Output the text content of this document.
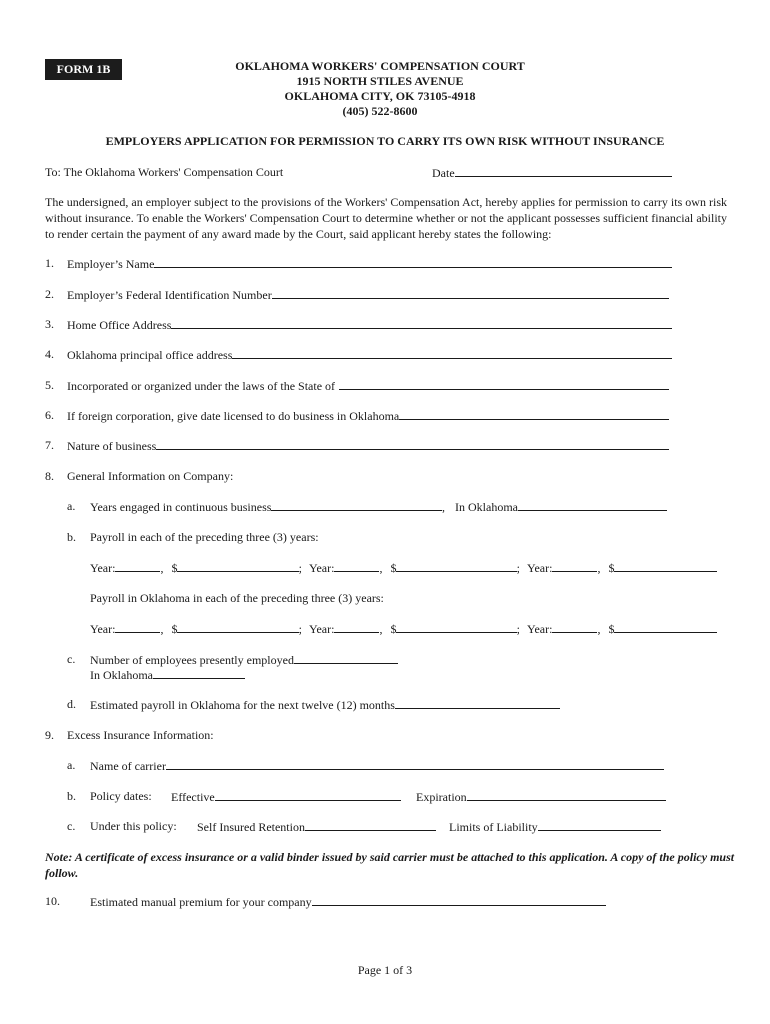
FORM 1B	OKLAHOMA WORKERS' COMPENSATION COURT
1915 NORTH STILES AVENUE
OKLAHOMA CITY, OK 73105-4918
(405) 522-8600
EMPLOYERS APPLICATION FOR PERMISSION TO CARRY ITS OWN RISK WITHOUT INSURANCE
To: The Oklahoma Workers' Compensation Court	Date
The undersigned, an employer subject to the provisions of the Workers' Compensation Act, hereby applies for permission to carry its own risk without insurance. To enable the Workers' Compensation Court to determine whether or not the applicant possesses sufficient financial ability to render certain the payment of any award made by the Court, said applicant hereby states the following:
1. Employer’s Name
2. Employer’s Federal Identification Number
3. Home Office Address
4. Oklahoma principal office address
5. Incorporated or organized under the laws of the State of
6. If foreign corporation, give date licensed to do business in Oklahoma
7. Nature of business
8. General Information on Company:
a. Years engaged in continuous business	, In Oklahoma
b. Payroll in each of the preceding three (3) years:
Year:	, $	; Year:	, $	; Year:	, $
Payroll in Oklahoma in each of the preceding three (3) years:
Year:	, $	; Year:	, $	; Year:	, $
c. Number of employees presently employed
In Oklahoma
d. Estimated payroll in Oklahoma for the next twelve (12) months
9. Excess Insurance Information:
a. Name of carrier
b. Policy dates: Effective	Expiration
c. Under this policy: Self Insured Retention	Limits of Liability
Note: A certificate of excess insurance or a valid binder issued by said carrier must be attached to this application. A copy of the policy must follow.
10.	Estimated manual premium for your company
Page 1 of 3
